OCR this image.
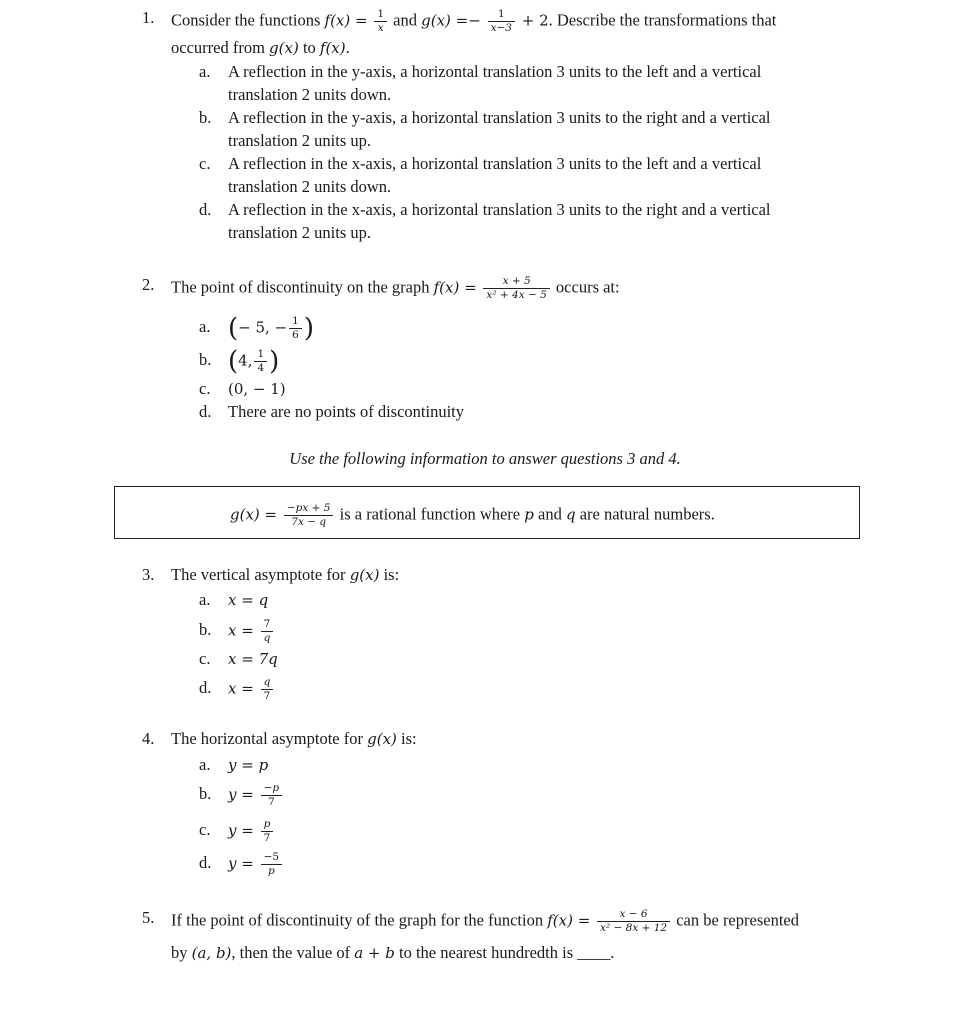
1. Consider the functions $f(x) = \frac{1}{x}$ and $g(x) =- \frac{1}{x-3} + 2$. Describe the transformations that
occurred from g(x) to f(x).
a. A reflection in the y-axis, a horizontal translation 3 units to the left and a vertical
translation 2 units down.
b. A reflection in the y-axis, a horizontal translation 3 units to the right and a vertical
translation 2 units up.
c. A reflection in the x-axis, a horizontal translation 3 units to the left and a vertical
translation 2 units down.
d. A reflection in the x-axis, a horizontal translation 3 units to the right and a vertical
translation 2 units up.
2. The point of discontinuity on the graph $f(x) = \frac{x + 5}{\text{x² + 4x − 5}}$ occurs at:
a. (− 5, − $\frac{1}{6}$ )
b. (4, $\frac{1}{4}$ )
c. (0, − 1)
d. There are no points of discontinuity
Use the following information to answer questions 3 and 4.
$g(x) = \frac{-px + 5}{7x - q}$ is a rational function where p and q are natural numbers.
3. The vertical asymptote for g(x) is:
a. x = q
b. $x = \frac{7}{q}$
c. x = 7q
d. $x = \frac{q}{7}$
4. The horizontal asymptote for g(x) is:
a. y = p
b. $y = \frac{-p}{7}$
c. $y = \frac{p}{7}$
d. $y = \frac{-5}{p}$
5. If the point of discontinuity of the graph for the function $f(x) = \frac{x - 6}{\text{x² − 8x + 12}}$ can be represented
by (a, b), then the value of a + b to the nearest hundredth is ____.
